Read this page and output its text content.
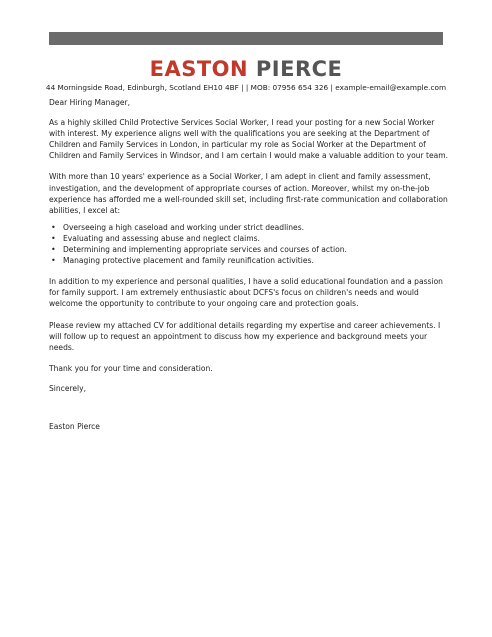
EASTON PIERCE
44 Morningside Road, Edinburgh, Scotland EH10 4BF | | MOB: 07956 654 326 | example-email@example.com

Dear Hiring Manager,

As a highly skilled Child Protective Services Social Worker, I read your posting for a new Social Worker with interest. My experience aligns well with the qualifications you are seeking at the Department of Children and Family Services in London, in particular my role as Social Worker at the Department of Children and Family Services in Windsor, and I am certain I would make a valuable addition to your team.

With more than 10 years' experience as a Social Worker, I am adept in client and family assessment, investigation, and the development of appropriate courses of action. Moreover, whilst my on-the-job experience has afforded me a well-rounded skill set, including first-rate communication and collaboration abilities, I excel at:

• Overseeing a high caseload and working under strict deadlines.
• Evaluating and assessing abuse and neglect claims.
• Determining and implementing appropriate services and courses of action.
• Managing protective placement and family reunification activities.

In addition to my experience and personal qualities, I have a solid educational foundation and a passion for family support. I am extremely enthusiastic about DCFS's focus on children's needs and would welcome the opportunity to contribute to your ongoing care and protection goals.

Please review my attached CV for additional details regarding my expertise and career achievements. I will follow up to request an appointment to discuss how my experience and background meets your needs.

Thank you for your time and consideration.

Sincerely,

Easton Pierce
